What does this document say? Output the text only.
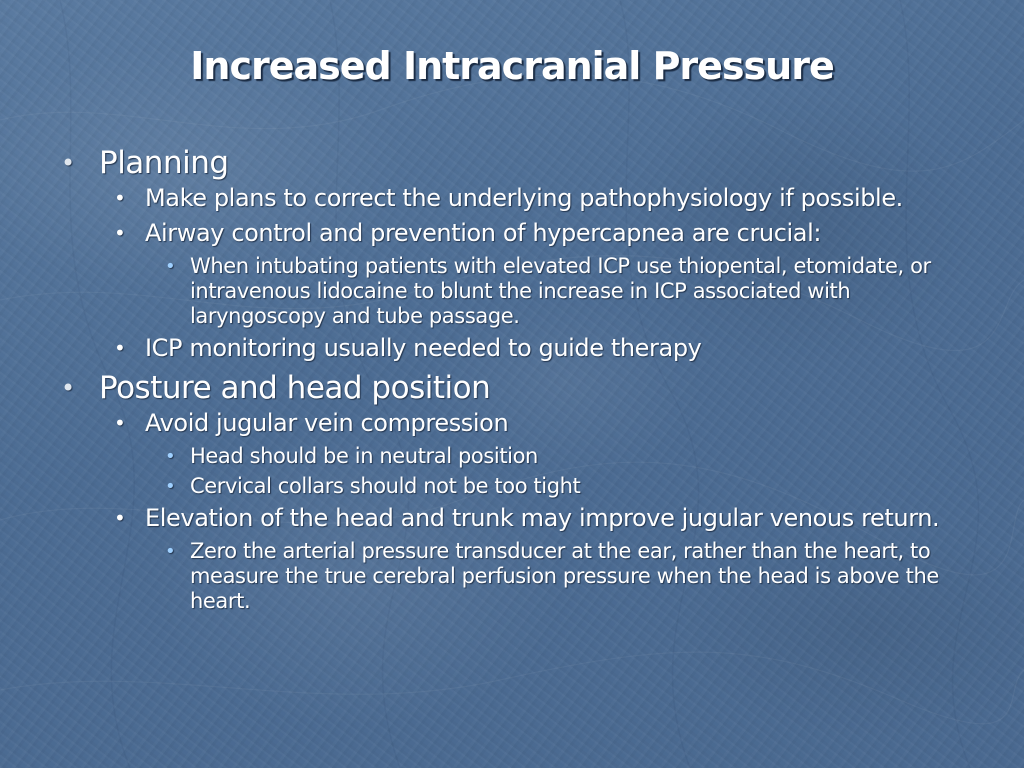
Increased Intracranial Pressure
• Planning
• Make plans to correct the underlying pathophysiology if possible.
• Airway control and prevention of hypercapnea are crucial:
• When intubating patients with elevated ICP use thiopental, etomidate, or intravenous lidocaine to blunt the increase in ICP associated with laryngoscopy and tube passage.
• ICP monitoring usually needed to guide therapy
• Posture and head position
• Avoid jugular vein compression
• Head should be in neutral position
• Cervical collars should not be too tight
• Elevation of the head and trunk may improve jugular venous return.
• Zero the arterial pressure transducer at the ear, rather than the heart, to measure the true cerebral perfusion pressure when the head is above the heart.
